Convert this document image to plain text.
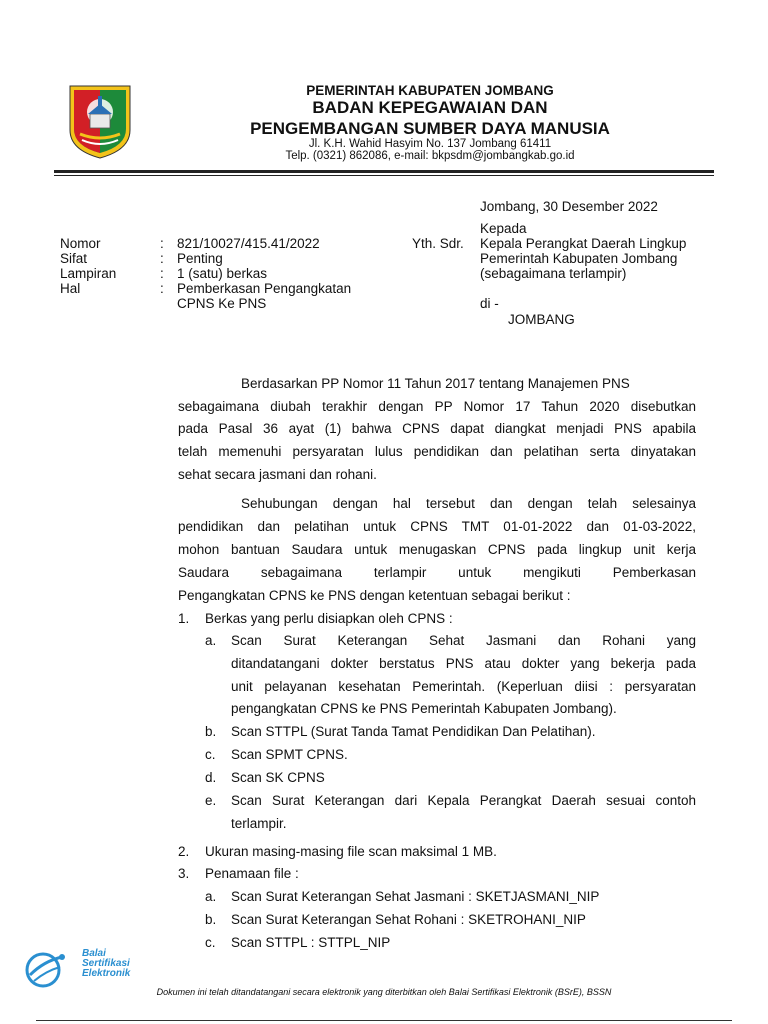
PEMERINTAH KABUPATEN JOMBANG
BADAN KEPEGAWAIAN DAN
PENGEMBANGAN SUMBER DAYA MANUSIA
Jl. K.H. Wahid Hasyim No. 137 Jombang 61411
Telp. (0321) 862086, e-mail: bkpsdm@jombangkab.go.id
Jombang, 30 Desember 2022
Kepada
Yth. Sdr. Kepala Perangkat Daerah Lingkup
Pemerintah Kabupaten Jombang
(sebagaimana terlampir)
di -
JOMBANG
Nomor	: 821/10027/415.41/2022
Sifat	: Penting
Lampiran	: 1 (satu) berkas
Hal	: Pemberkasan Pengangkatan
CPNS Ke PNS
Berdasarkan PP Nomor 11 Tahun 2017 tentang Manajemen PNS
sebagaimana diubah terakhir dengan PP Nomor 17 Tahun 2020 disebutkan
pada Pasal 36 ayat (1) bahwa CPNS dapat diangkat menjadi PNS apabila
telah memenuhi persyaratan lulus pendidikan dan pelatihan serta dinyatakan
sehat secara jasmani dan rohani.
Sehubungan dengan hal tersebut dan dengan telah selesainya
pendidikan dan pelatihan untuk CPNS TMT 01-01-2022 dan 01-03-2022,
mohon bantuan Saudara untuk menugaskan CPNS pada lingkup unit kerja
Saudara sebagaimana terlampir untuk mengikuti Pemberkasan
Pengangkatan CPNS ke PNS dengan ketentuan sebagai berikut :
1. Berkas yang perlu disiapkan oleh CPNS :
a. Scan Surat Keterangan Sehat Jasmani dan Rohani yang
ditandatangani dokter berstatus PNS atau dokter yang bekerja pada
unit pelayanan kesehatan Pemerintah. (Keperluan diisi : persyaratan
pengangkatan CPNS ke PNS Pemerintah Kabupaten Jombang).
b. Scan STTPL (Surat Tanda Tamat Pendidikan Dan Pelatihan).
c. Scan SPMT CPNS.
d. Scan SK CPNS
e. Scan Surat Keterangan dari Kepala Perangkat Daerah sesuai contoh
terlampir.
2. Ukuran masing-masing file scan maksimal 1 MB.
3. Penamaan file :
a. Scan Surat Keterangan Sehat Jasmani : SKETJASMANI_NIP
b. Scan Surat Keterangan Sehat Rohani : SKETROHANI_NIP
c. Scan STTPL : STTPL_NIP
Balai
Sertifikasi
Elektronik
Dokumen ini telah ditandatangani secara elektronik yang diterbitkan oleh Balai Sertifikasi Elektronik (BSrE), BSSN
